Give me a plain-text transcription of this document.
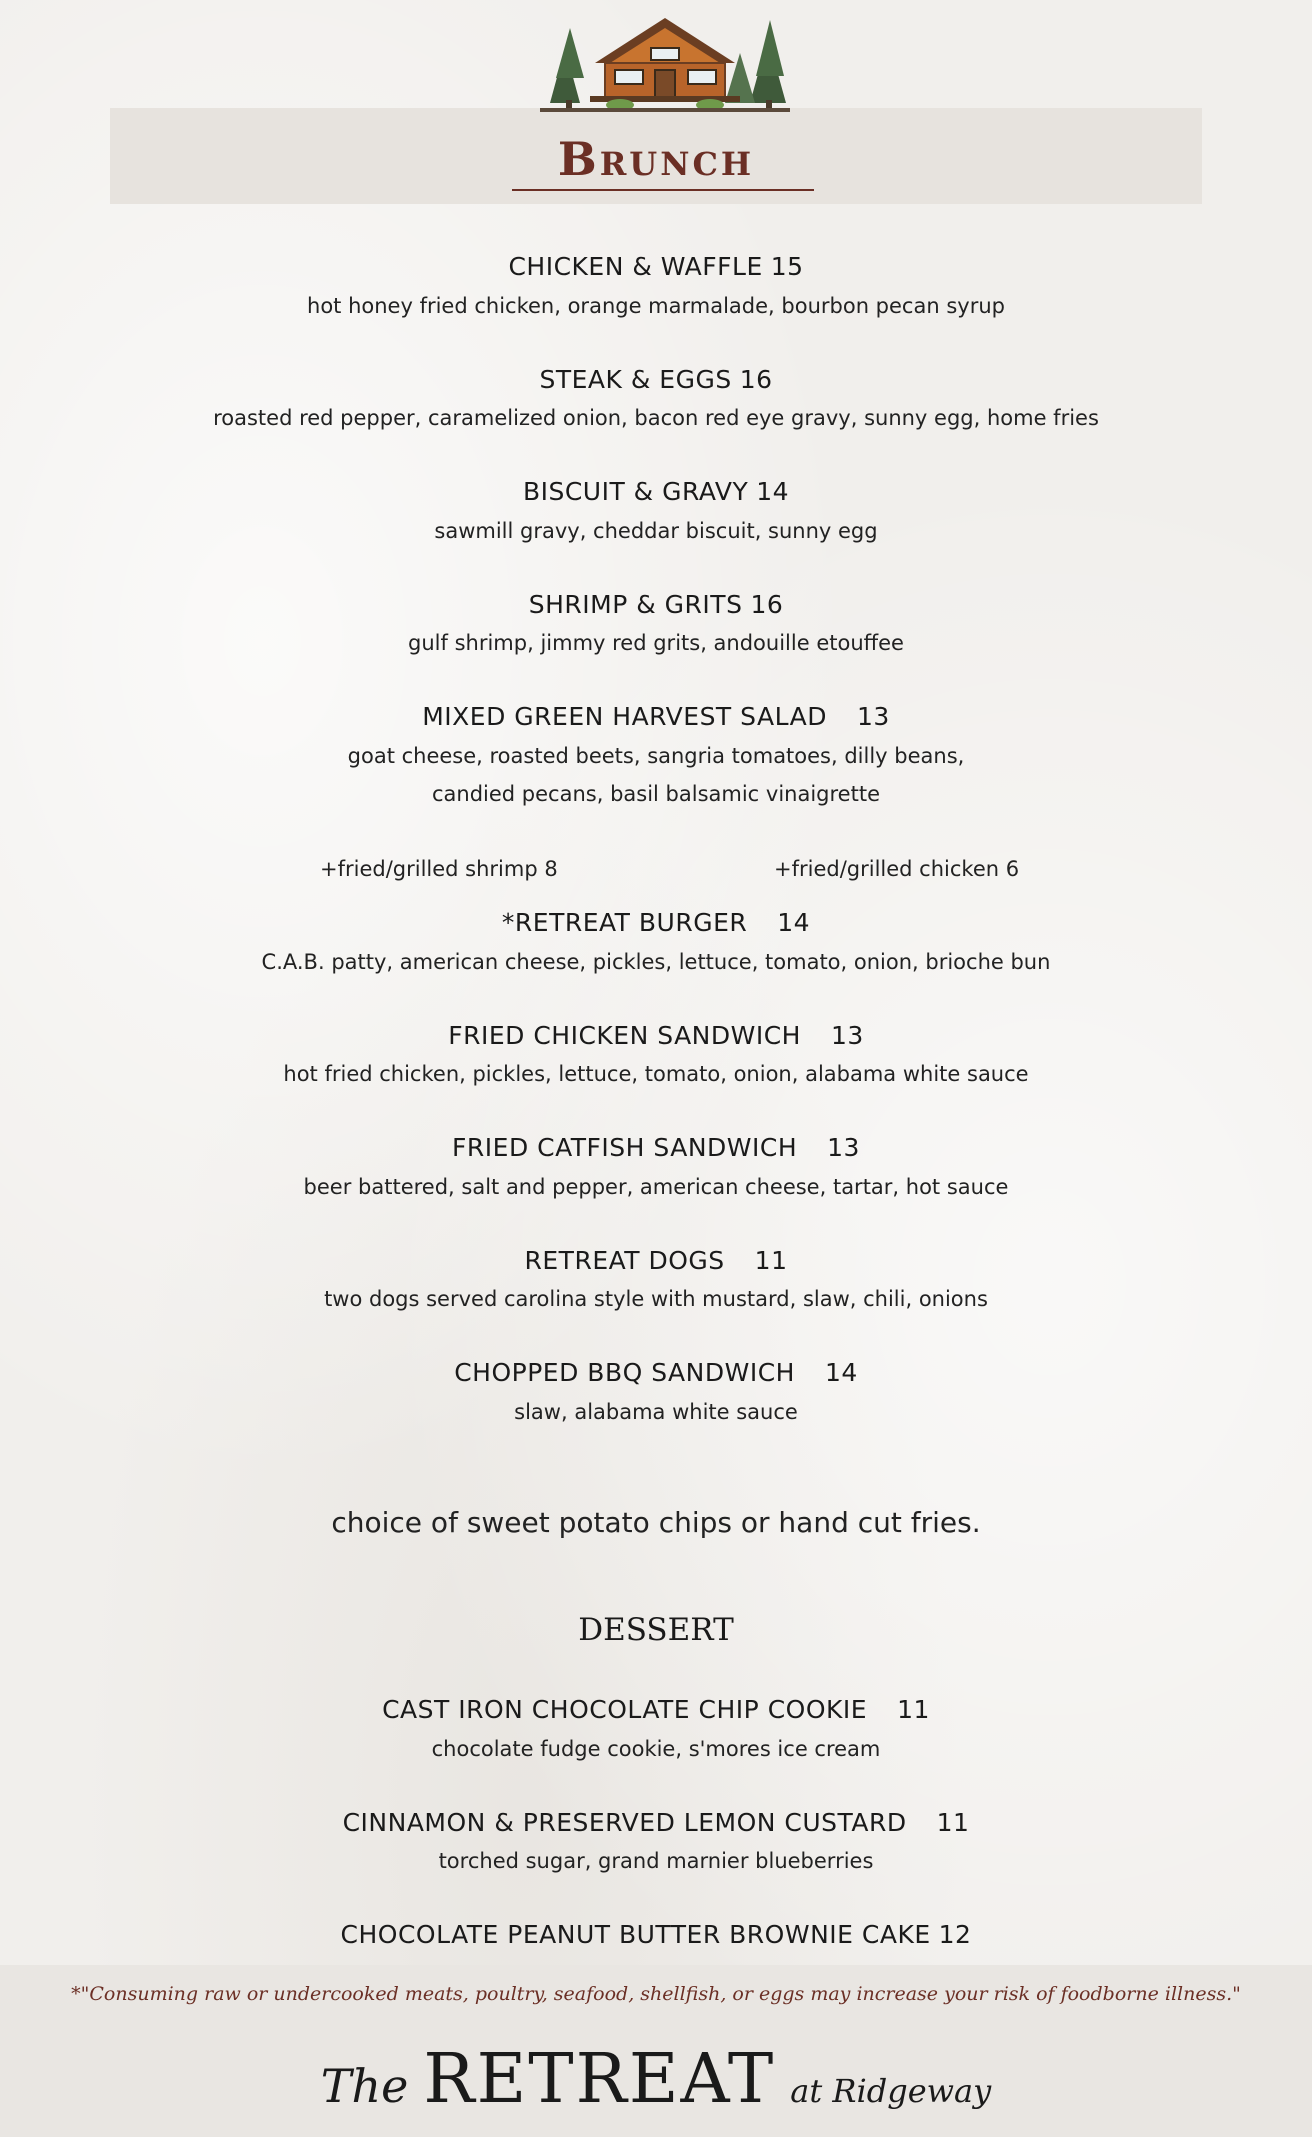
Brunch
CHICKEN & WAFFLE 15
hot honey fried chicken, orange marmalade, bourbon pecan syrup
STEAK & EGGS 16
roasted red pepper, caramelized onion, bacon red eye gravy, sunny egg, home fries
BISCUIT & GRAVY 14
sawmill gravy, cheddar biscuit, sunny egg
SHRIMP & GRITS 16
gulf shrimp, jimmy red grits, andouille etouffee
MIXED GREEN HARVEST SALAD 13
goat cheese, roasted beets, sangria tomatoes, dilly beans,
candied pecans, basil balsamic vinaigrette
+fried/grilled shrimp 8	+fried/grilled chicken 6
*RETREAT BURGER 14
C.A.B. patty, american cheese, pickles, lettuce, tomato, onion, brioche bun
FRIED CHICKEN SANDWICH 13
hot fried chicken, pickles, lettuce, tomato, onion, alabama white sauce
FRIED CATFISH SANDWICH 13
beer battered, salt and pepper, american cheese, tartar, hot sauce
RETREAT DOGS 11
two dogs served carolina style with mustard, slaw, chili, onions
CHOPPED BBQ SANDWICH 14
slaw, alabama white sauce
choice of sweet potato chips or hand cut fries.
DESSERT
CAST IRON CHOCOLATE CHIP COOKIE 11
chocolate fudge cookie, s'mores ice cream
CINNAMON & PRESERVED LEMON CUSTARD 11
torched sugar, grand marnier blueberries
CHOCOLATE PEANUT BUTTER BROWNIE CAKE 12
*"Consuming raw or undercooked meats, poultry, seafood, shellfish, or eggs may increase your risk of foodborne illness."
The RETREAT at Ridgeway
